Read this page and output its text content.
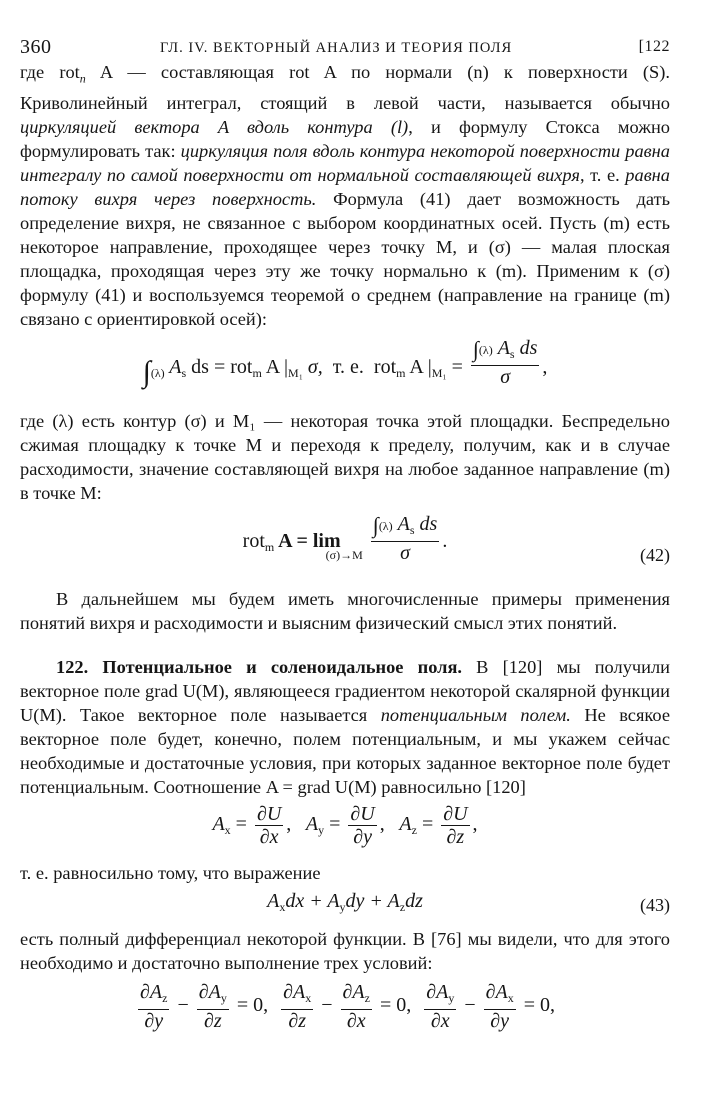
360	ГЛ. IV. ВЕКТОРНЫЙ АНАЛИЗ И ТЕОРИЯ ПОЛЯ	[122

где rot$_n$ A — составляющая rot A по нормали (n) к поверхности (S). Криволинейный интеграл, стоящий в левой части, называется обычно циркуляцией вектора A вдоль контура (l), и формулу Стокса можно формулировать так: циркуляция поля вдоль контура некоторой поверхности равна интегралу по самой поверхности от нормальной составляющей вихря, т. е. равна потоку вихря через поверхность. Формула (41) дает возможность дать определение вихря, не связанное с выбором координатных осей. Пусть (m) есть некоторое направление, проходящее через точку M, и (σ) — малая плоская площадка, проходящая через эту же точку нормально к (m). Применим к (σ) формулу (41) и воспользуемся теоремой о среднем (направление на границе (m) связано с ориентировкой осей):

∫(λ) $A_s$ ds = rot$_m$ A $|_{M_1}$ σ, т. е. rot$_m$ A $|_{M_1} = \frac{\int(\lambda) A_s ds}{\sigma}$ ,

где (λ) есть контур (σ) и M₁ — некоторая точка этой площадки. Беспредельно сжимая площадку к точке M и переходя к пределу, получим, как и в случае расходимости, значение составляющей вихря на любое заданное направление (m) в точке M:

rot$_m$ $A = \lim (\sigma)\to M \frac{\int(\lambda) A_s ds}{\sigma}$ .
(42)

В дальнейшем мы будем иметь многочисленные примеры применения понятий вихря и расходимости и выясним физический смысл этих понятий.

122. Потенциальное и соленоидальное поля. В [120] мы получили векторное поле grad U(M), являющееся градиентом некоторой скалярной функции U(M). Такое векторное поле называется потенциальным полем. Не всякое векторное поле будет, конечно, полем потенциальным, и мы укажем сейчас необходимые и достаточные условия, при которых заданное векторное поле будет потенциальным. Соотношение A = grad U(M) равносильно [120]

$A_x = \frac{\partial U}{\partial x}$ , $A_y = \frac{\partial U}{\partial y}$ , $A_z = \frac{\partial U}{\partial z}$ ,

т. е. равносильно тому, что выражение

$A_xdx + A_ydy + A_zdz$	(43)

есть полный дифференциал некоторой функции. В [76] мы видели, что для этого необходимо и достаточно выполнение трех условий:

$\frac{\partial A_z}{\partial y} - \frac{\partial A_y}{\partial z} = 0$, $\frac{\partial A_x}{\partial z} - \frac{\partial A_z}{\partial x} = 0$, $\frac{\partial A_y}{\partial x} - \frac{\partial A_x}{\partial y} = 0$,
